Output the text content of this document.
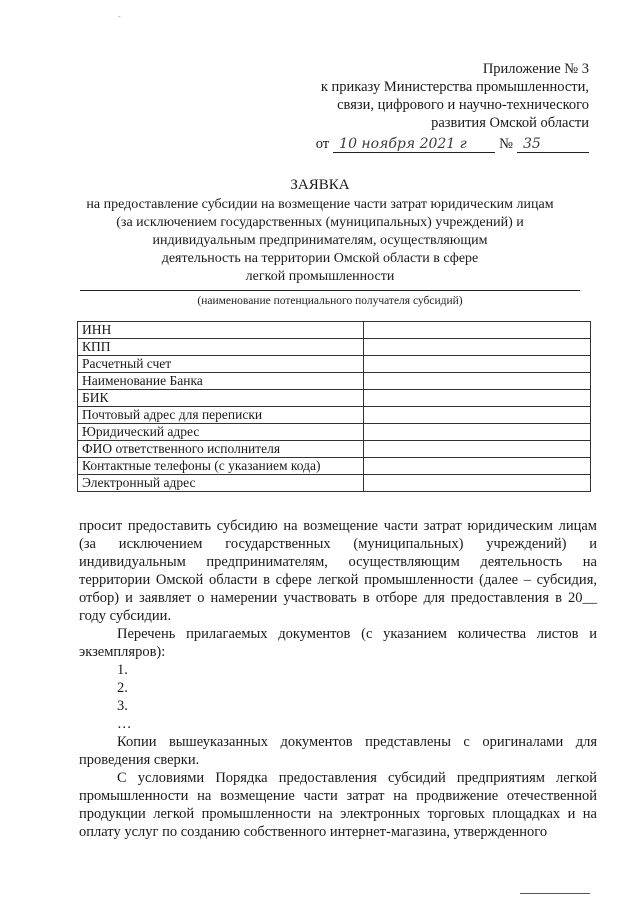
-
Приложение № 3
к приказу Министерства промышленности,
связи, цифрового и научно-технического
развития Омской области
от 10 ноября 2021 г	№ 35
ЗАЯВКА
на предоставление субсидии на возмещение части затрат юридическим лицам
(за исключением государственных (муниципальных) учреждений) и
индивидуальным предпринимателям, осуществляющим
деятельность на территории Омской области в сфере
легкой промышленности
(наименование потенциального получателя субсидий)
ИНН	
КПП	
Расчетный счет	
Наименование Банка	
БИК	
Почтовый адрес для переписки	
Юридический адрес	
ФИО ответственного исполнителя	
Контактные телефоны (с указанием кода)	
Электронный адрес	

просит предоставить субсидию на возмещение части затрат юридическим лицам (за исключением государственных (муниципальных) учреждений) и индивидуальным предпринимателям, осуществляющим деятельность на территории Омской области в сфере легкой промышленности (далее – субсидия, отбор) и заявляет о намерении участвовать в отборе для предоставления в 20__ году субсидии.

Перечень прилагаемых документов (с указанием количества листов и экземпляров):

1.

2.

3.

…

Копии вышеуказанных документов представлены с оригиналами для проведения сверки.

С условиями Порядка предоставления субсидий предприятиям легкой промышленности на возмещение части затрат на продвижение отечественной продукции легкой промышленности на электронных торговых площадках и на оплату услуг по созданию собственного интернет-магазина, утвержденного
